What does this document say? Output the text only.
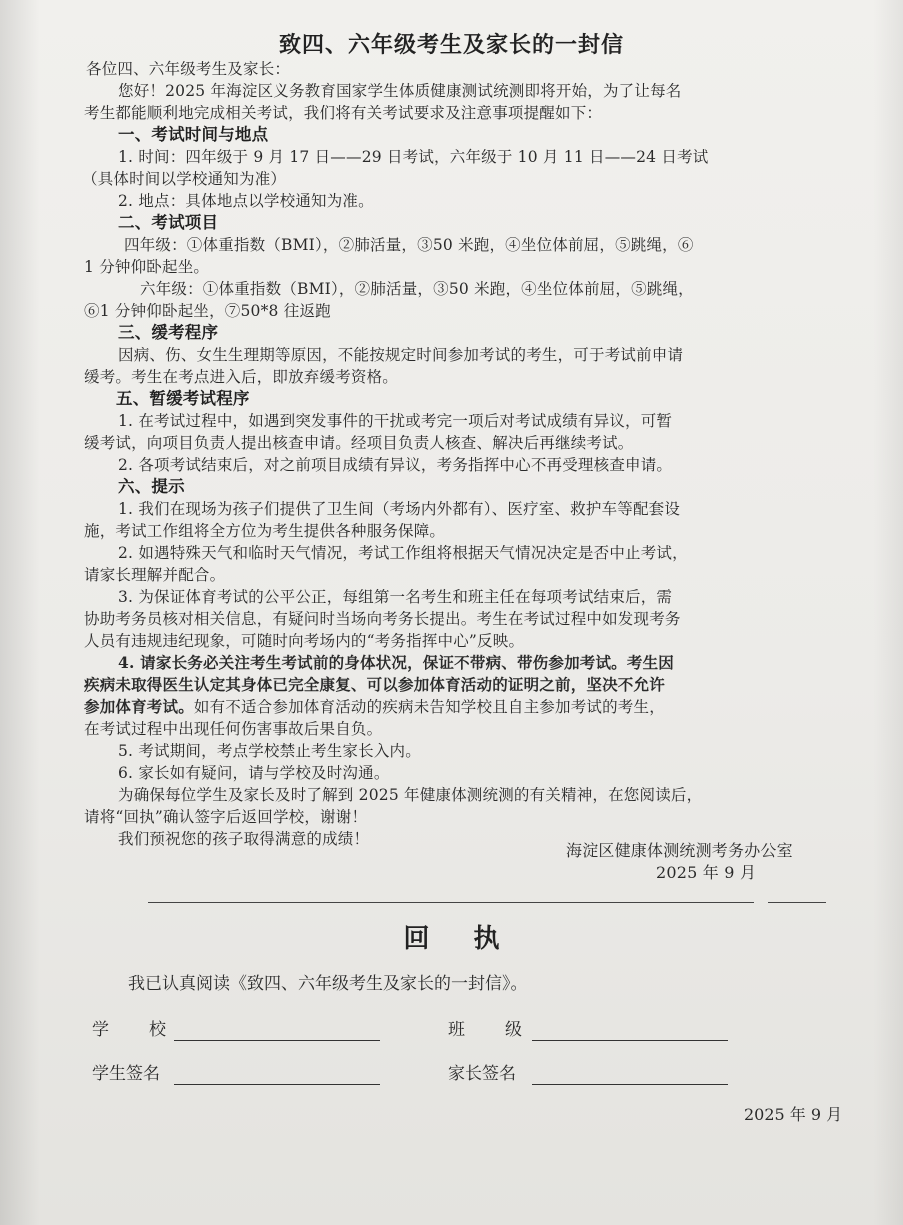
致四、六年级考生及家长的一封信
各位四、六年级考生及家长：
您好！2025 年海淀区义务教育国家学生体质健康测试统测即将开始，为了让每名
考生都能顺利地完成相关考试，我们将有关考试要求及注意事项提醒如下：
一、考试时间与地点
1. 时间：四年级于 9 月 17 日——29 日考试，六年级于 10 月 11 日——24 日考试
（具体时间以学校通知为准）
2. 地点：具体地点以学校通知为准。
二、考试项目
四年级：①体重指数（BMI），②肺活量，③50 米跑，④坐位体前屈，⑤跳绳，⑥
1 分钟仰卧起坐。
六年级：①体重指数（BMI），②肺活量，③50 米跑，④坐位体前屈，⑤跳绳，
⑥1 分钟仰卧起坐，⑦50*8 往返跑
三、缓考程序
因病、伤、女生生理期等原因，不能按规定时间参加考试的考生，可于考试前申请
缓考。考生在考点进入后，即放弃缓考资格。
五、暂缓考试程序
1. 在考试过程中，如遇到突发事件的干扰或考完一项后对考试成绩有异议，可暂
缓考试，向项目负责人提出核查申请。经项目负责人核查、解决后再继续考试。
2. 各项考试结束后，对之前项目成绩有异议，考务指挥中心不再受理核查申请。
六、提示
1. 我们在现场为孩子们提供了卫生间（考场内外都有）、医疗室、救护车等配套设
施，考试工作组将全方位为考生提供各种服务保障。
2. 如遇特殊天气和临时天气情况，考试工作组将根据天气情况决定是否中止考试，
请家长理解并配合。
3. 为保证体育考试的公平公正，每组第一名考生和班主任在每项考试结束后，需
协助考务员核对相关信息，有疑问时当场向考务长提出。考生在考试过程中如发现考务
人员有违规违纪现象，可随时向考场内的“考务指挥中心”反映。
4. 请家长务必关注考生考试前的身体状况，保证不带病、带伤参加考试。考生因
疾病未取得医生认定其身体已完全康复、可以参加体育活动的证明之前，坚决不允许
参加体育考试。如有不适合参加体育活动的疾病未告知学校且自主参加考试的考生，
在考试过程中出现任何伤害事故后果自负。
5. 考试期间，考点学校禁止考生家长入内。
6. 家长如有疑问，请与学校及时沟通。
为确保每位学生及家长及时了解到 2025 年健康体测统测的有关精神，在您阅读后，
请将“回执”确认签字后返回学校，谢谢！
我们预祝您的孩子取得满意的成绩！
海淀区健康体测统测考务办公室
2025 年 9 月
回执
我已认真阅读《致四、六年级考生及家长的一封信》。
学校	班级
学生签名	家长签名
2025 年 9 月
